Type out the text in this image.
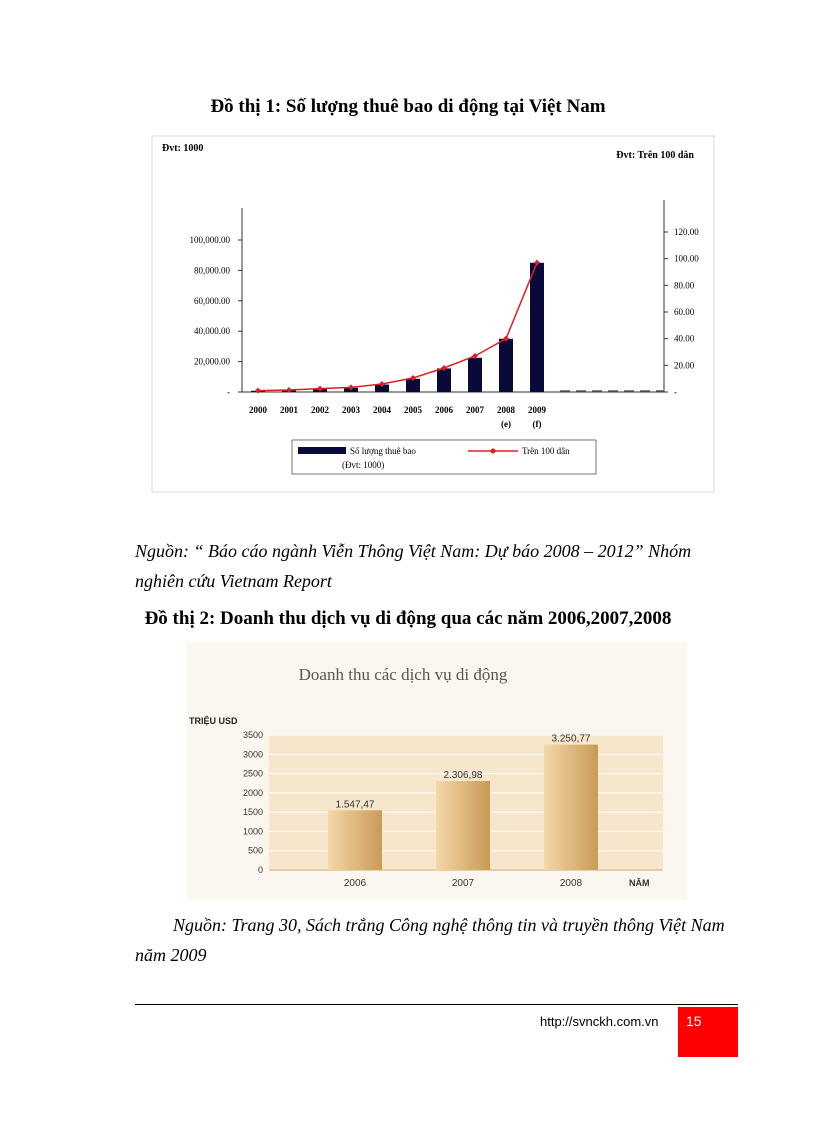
Đồ thị 1: Số lượng thuê bao di động tại Việt Nam
Đvt: 1000
Đvt: Trên 100 dân
-
20,000.00
40,000.00
60,000.00
80,000.00
100,000.00
-
20.00
40.00
60.00
80.00
100.00
120.00
2000 2001 2002 2003 2004 2005 2006 2007 2008
(e)
2009
(f)
Số lượng thuê bao
(Đvt: 1000)
Trên 100 dân
Nguồn: “ Báo cáo ngành Viễn Thông Việt Nam: Dự báo 2008 – 2012” Nhóm nghiên cứu Vietnam Report
Đồ thị 2: Doanh thu dịch vụ di động qua các năm 2006,2007,2008
Doanh thu các dịch vụ di động
TRIỆU USD
NĂM
0
500
1000
1500
2000
2500
3000
3500
1.547,47
2006
2.306,98
2007
3.250,77
2008
Nguồn: Trang 30, Sách trắng Công nghệ thông tin và truyền thông Việt Nam năm 2009
http://svnckh.com.vn	15
